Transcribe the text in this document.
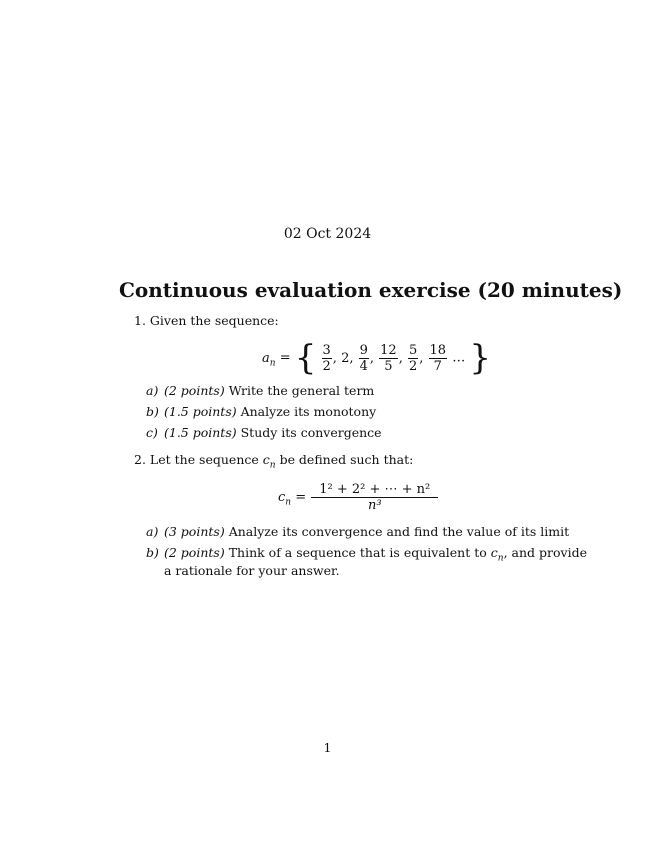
02 Oct 2024
Continuous evaluation exercise (20 minutes)
1. Given the sequence:
$a_n$ = { $\frac{3}{2}$ , 2, $\frac{9}{4}$ , $\frac{12}{5}$ , $\frac{5}{2}$ , $\frac{18}{7}$ … }
a) (2 points) Write the general term
b) (1.5 points) Analyze its monotony
c) (1.5 points) Study its convergence
2. Let the sequence $c_n$ be defined such that:
$c_n = \frac{\text{1² + 2² + ⋯ + n²}}{\text{n³}}$
a) (3 points) Analyze its convergence and find the value of its limit
b) (2 points) Think of a sequence that is equivalent to $c_n$, and provide
a rationale for your answer.
1
